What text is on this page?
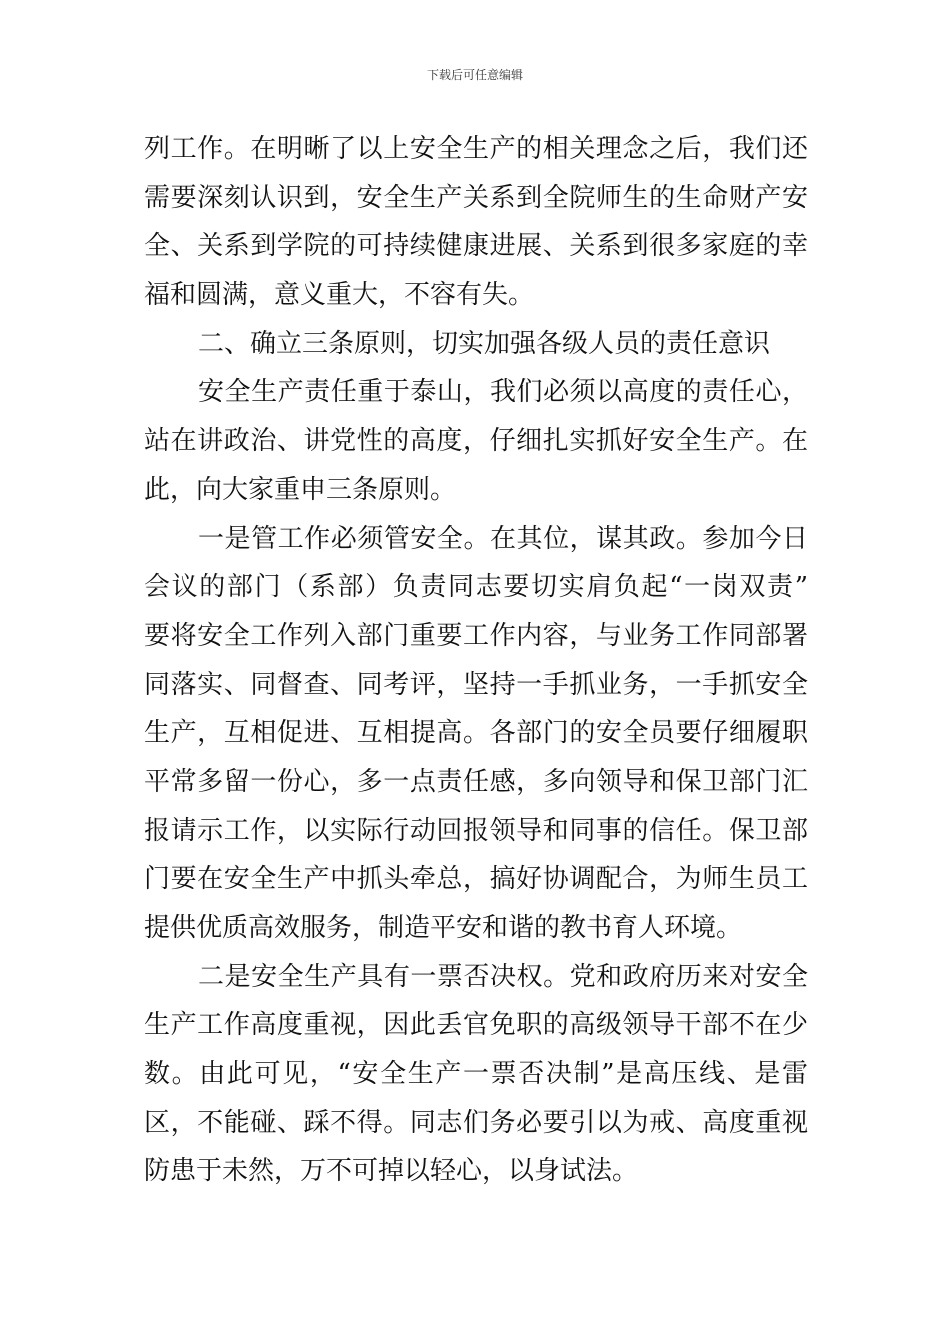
下载后可任意编辑
列工作。在明晰了以上安全生产的相关理念之后，我们还
需要深刻认识到，安全生产关系到全院师生的生命财产安
全、关系到学院的可持续健康进展、关系到很多家庭的幸
福和圆满，意义重大，不容有失。
二、确立三条原则，切实加强各级人员的责任意识
安全生产责任重于泰山，我们必须以高度的责任心，
站在讲政治、讲党性的高度，仔细扎实抓好安全生产。在
此，向大家重申三条原则。
一是管工作必须管安全。在其位，谋其政。参加今日
会议的部门（系部）负责同志要切实肩负起“一岗双责”
要将安全工作列入部门重要工作内容，与业务工作同部署
同落实、同督查、同考评，坚持一手抓业务，一手抓安全
生产，互相促进、互相提高。各部门的安全员要仔细履职
平常多留一份心，多一点责任感，多向领导和保卫部门汇
报请示工作，以实际行动回报领导和同事的信任。保卫部
门要在安全生产中抓头牵总，搞好协调配合，为师生员工
提供优质高效服务，制造平安和谐的教书育人环境。
二是安全生产具有一票否决权。党和政府历来对安全
生产工作高度重视，因此丢官免职的高级领导干部不在少
数。由此可见，“安全生产一票否决制”是高压线、是雷
区，不能碰、踩不得。同志们务必要引以为戒、高度重视
防患于未然，万不可掉以轻心，以身试法。
